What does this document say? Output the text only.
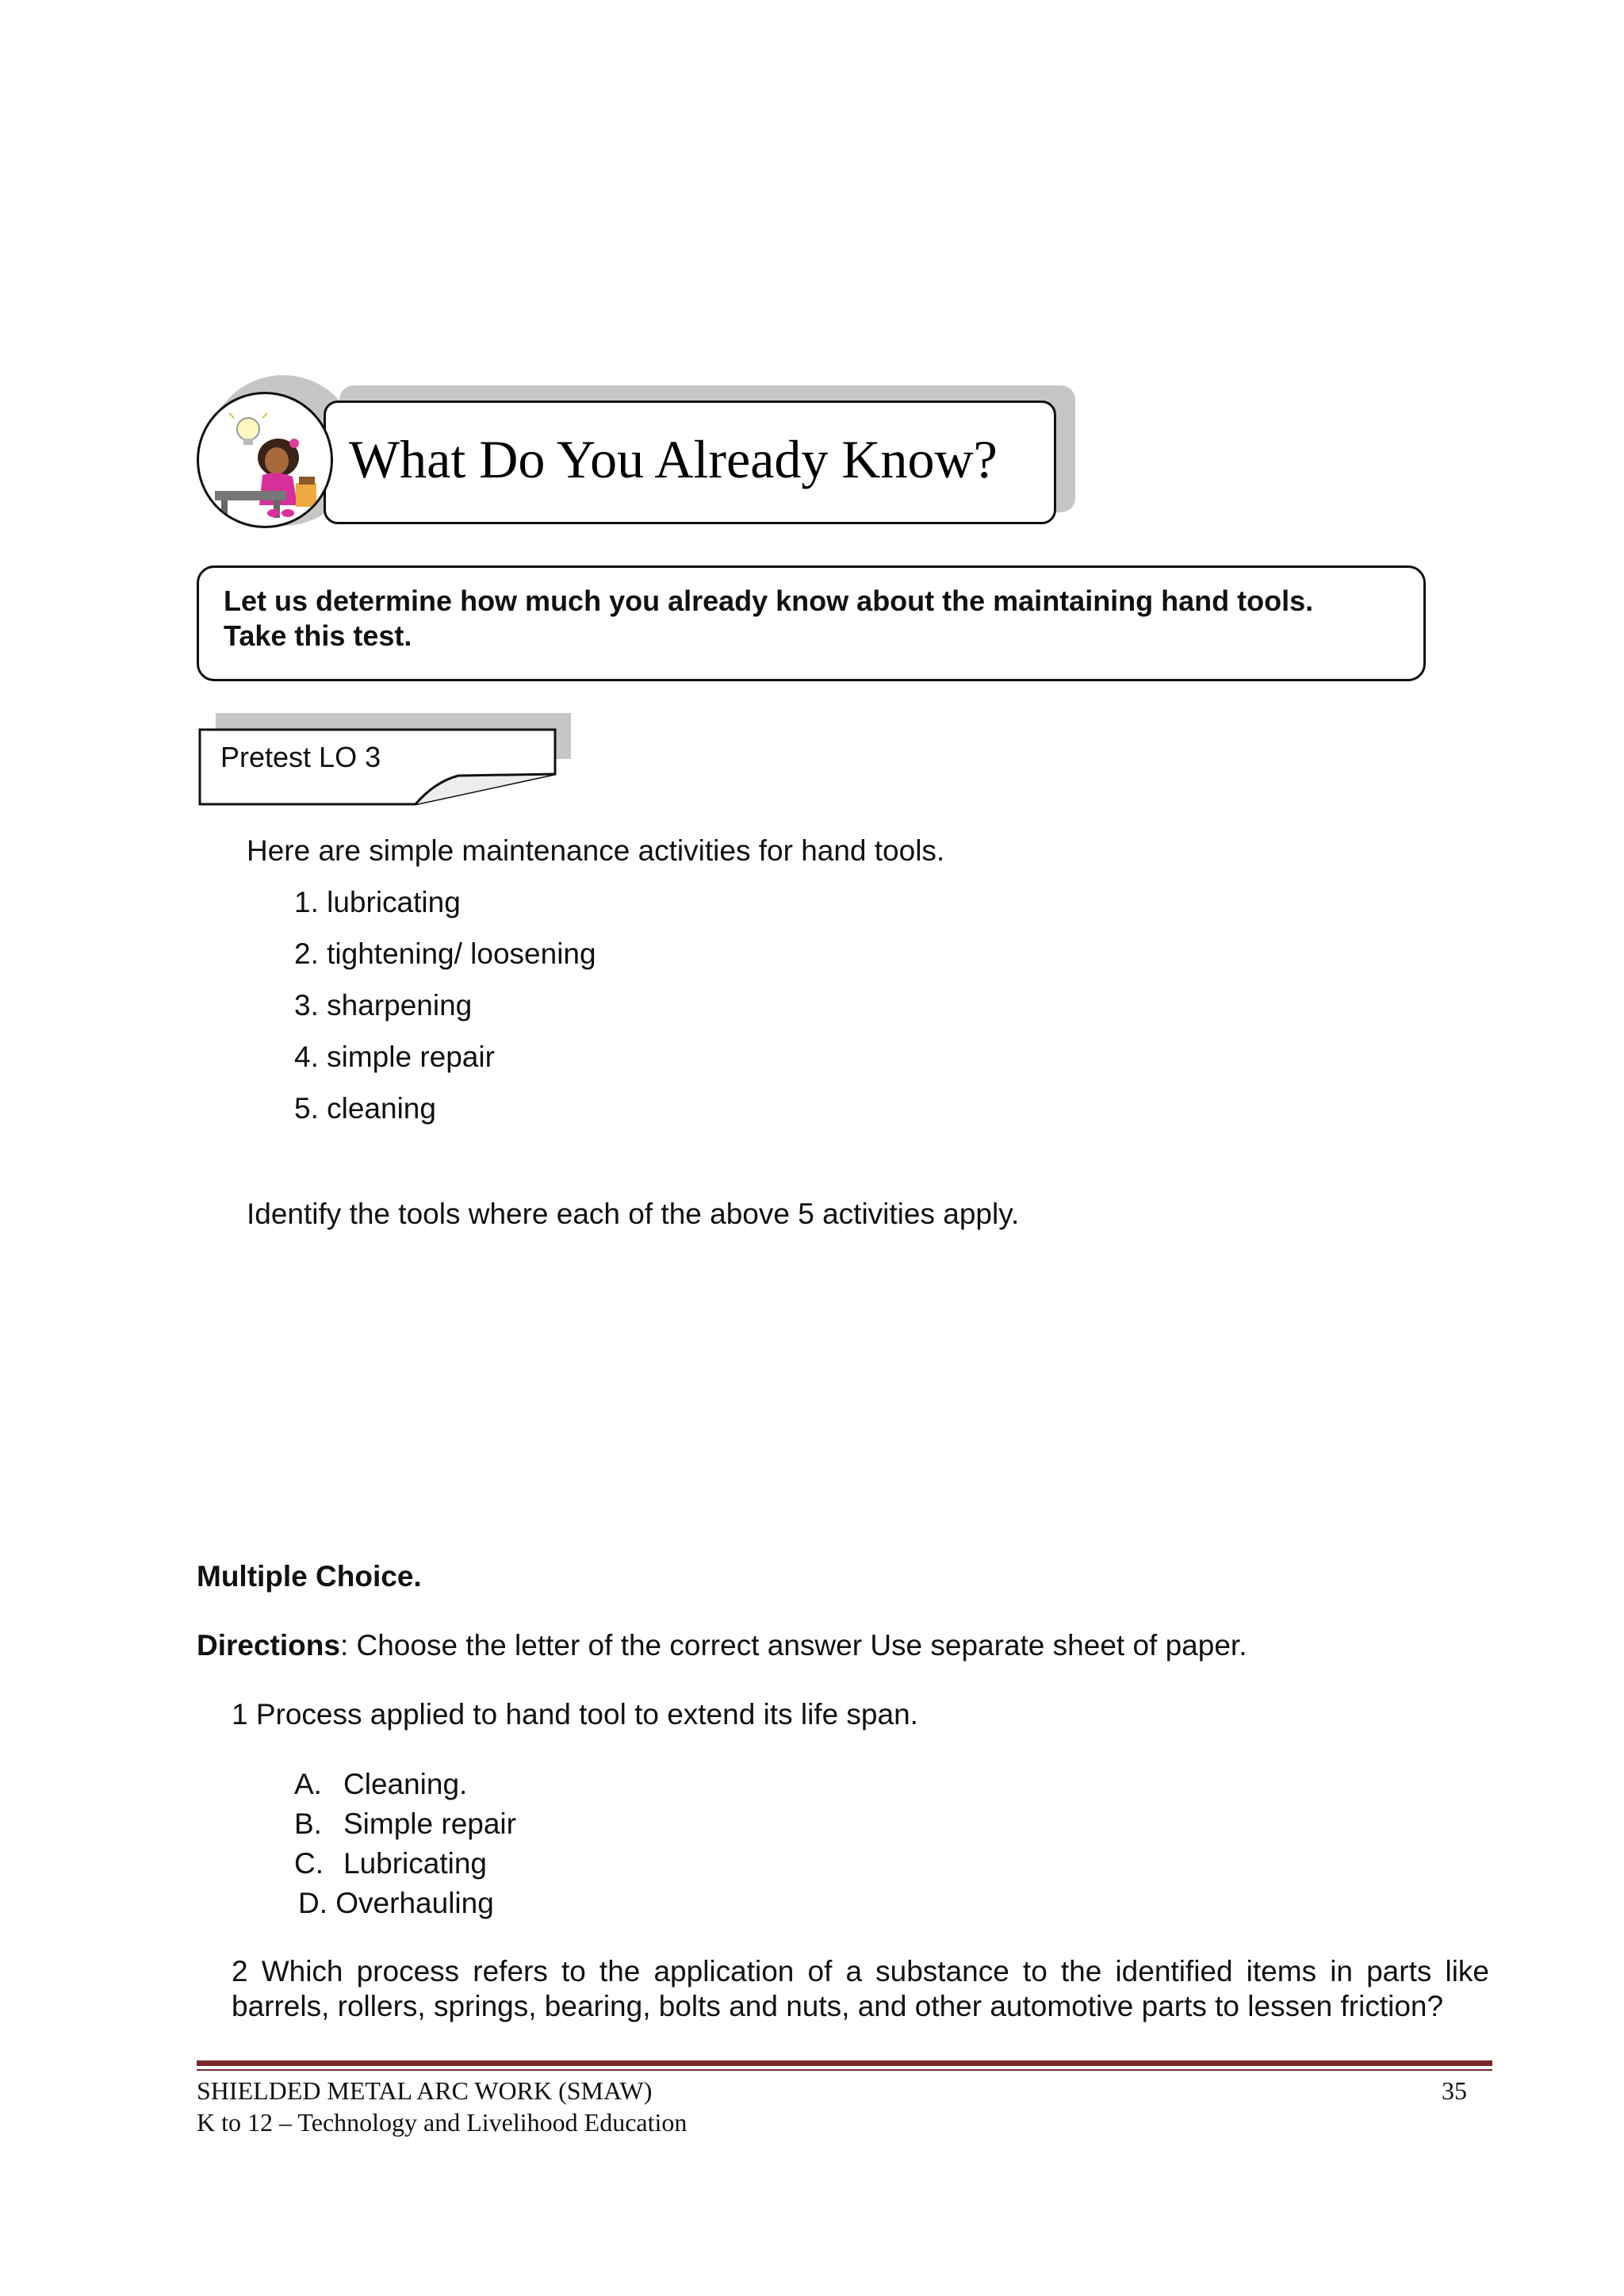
What Do You Already Know?
Let us determine how much you already know about the maintaining hand tools.
Take this test.
Pretest LO 3
Here are simple maintenance activities for hand tools.
1. lubricating
2. tightening/ loosening
3. sharpening
4. simple repair
5. cleaning
Identify the tools where each of the above 5 activities apply.
Multiple Choice.
Directions: Choose the letter of the correct answer Use separate sheet of paper.
1 Process applied to hand tool to extend its life span.
A. Cleaning.
B. Simple repair
C. Lubricating
D. Overhauling
2 Which process refers to the application of a substance to the identified items in parts like barrels, rollers, springs, bearing, bolts and nuts, and other automotive parts to lessen friction?
SHIELDED METAL ARC WORK (SMAW)
K to 12 – Technology and Livelihood Education
35
